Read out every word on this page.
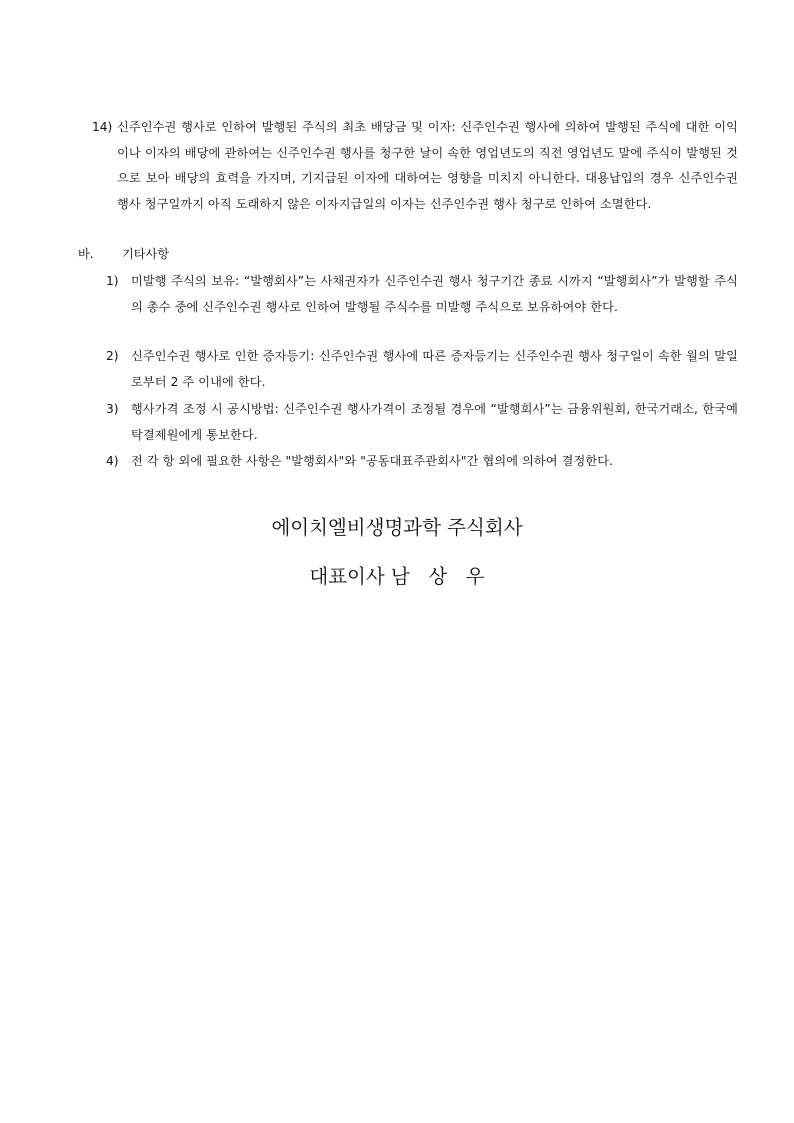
14) 신주인수권 행사로 인하여 발행된 주식의 최초 배당금 및 이자: 신주인수권 행사에 의하여 발행된 주식에 대한 이익이나 이자의 배당에 관하여는 신주인수권 행사를 청구한 날이 속한 영업년도의 직전 영업년도 말에 주식이 발행된 것으로 보아 배당의 효력을 가지며, 기지급된 이자에 대하여는 영향을 미치지 아니한다. 대용납입의 경우 신주인수권 행사 청구일까지 아직 도래하지 않은 이자지급일의 이자는 신주인수권 행사 청구로 인하여 소멸한다.
바. 기타사항
1) 미발행 주식의 보유: “발행회사”는 사채권자가 신주인수권 행사 청구기간 종료 시까지 “발행회사”가 발행할 주식의 총수 중에 신주인수권 행사로 인하여 발행될 주식수를 미발행 주식으로 보유하여야 한다.
2) 신주인수권 행사로 인한 증자등기: 신주인수권 행사에 따른 증자등기는 신주인수권 행사 청구일이 속한 월의 말일로부터 2 주 이내에 한다.
3) 행사가격 조정 시 공시방법: 신주인수권 행사가격이 조정될 경우에 “발행회사”는 금융위원회, 한국거래소, 한국예탁결제원에게 통보한다.
4) 전 각 항 외에 필요한 사항은 "발행회사"와 "공동대표주관회사"간 협의에 의하여 결정한다.
에이치엘비생명과학 주식회사
대표이사 남   상   우
